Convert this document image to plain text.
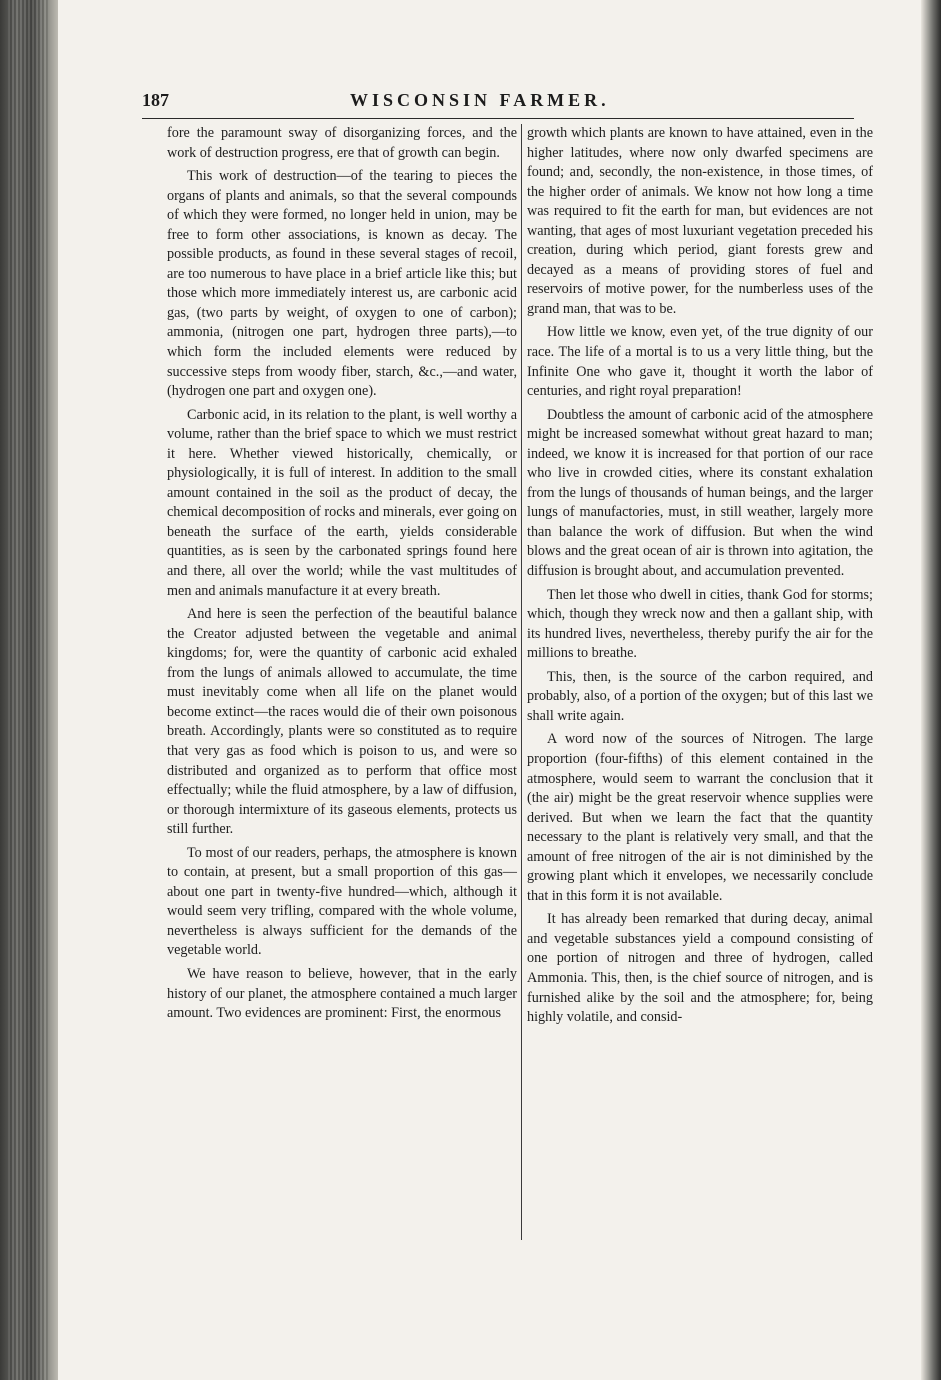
187	WISCONSIN FARMER.

fore the paramount sway of disorganizing forces, and the work of destruction progress, ere that of growth can begin.

This work of destruction—of the tearing to pieces the organs of plants and animals, so that the several compounds of which they were formed, no longer held in union, may be free to form other associations, is known as decay. The possible products, as found in these several stages of recoil, are too numerous to have place in a brief article like this; but those which more immediately interest us, are carbonic acid gas, (two parts by weight, of oxygen to one of carbon); ammonia, (nitrogen one part, hydrogen three parts),—to which form the included elements were reduced by successive steps from woody fiber, starch, &c.,—and water, (hydrogen one part and oxygen one).

Carbonic acid, in its relation to the plant, is well worthy a volume, rather than the brief space to which we must restrict it here. Whether viewed historically, chemically, or physiologically, it is full of interest. In addition to the small amount contained in the soil as the product of decay, the chemical decomposition of rocks and minerals, ever going on beneath the surface of the earth, yields considerable quantities, as is seen by the carbonated springs found here and there, all over the world; while the vast multitudes of men and animals manufacture it at every breath.

And here is seen the perfection of the beautiful balance the Creator adjusted between the vegetable and animal kingdoms; for, were the quantity of carbonic acid exhaled from the lungs of animals allowed to accumulate, the time must inevitably come when all life on the planet would become extinct—the races would die of their own poisonous breath. Accordingly, plants were so constituted as to require that very gas as food which is poison to us, and were so distributed and organized as to perform that office most effectually; while the fluid atmosphere, by a law of diffusion, or thorough intermixture of its gaseous elements, protects us still further.

To most of our readers, perhaps, the atmosphere is known to contain, at present, but a small proportion of this gas—about one part in twenty-five hundred—which, although it would seem very trifling, compared with the whole volume, nevertheless is always sufficient for the demands of the vegetable world.

We have reason to believe, however, that in the early history of our planet, the atmosphere contained a much larger amount. Two evidences are prominent: First, the enormous

growth which plants are known to have attained, even in the higher latitudes, where now only dwarfed specimens are found; and, secondly, the non-existence, in those times, of the higher order of animals. We know not how long a time was required to fit the earth for man, but evidences are not wanting, that ages of most luxuriant vegetation preceded his creation, during which period, giant forests grew and decayed as a means of providing stores of fuel and reservoirs of motive power, for the numberless uses of the grand man, that was to be.

How little we know, even yet, of the true dignity of our race. The life of a mortal is to us a very little thing, but the Infinite One who gave it, thought it worth the labor of centuries, and right royal preparation!

Doubtless the amount of carbonic acid of the atmosphere might be increased somewhat without great hazard to man; indeed, we know it is increased for that portion of our race who live in crowded cities, where its constant exhalation from the lungs of thousands of human beings, and the larger lungs of manufactories, must, in still weather, largely more than balance the work of diffusion. But when the wind blows and the great ocean of air is thrown into agitation, the diffusion is brought about, and accumulation prevented.

Then let those who dwell in cities, thank God for storms; which, though they wreck now and then a gallant ship, with its hundred lives, nevertheless, thereby purify the air for the millions to breathe.

This, then, is the source of the carbon required, and probably, also, of a portion of the oxygen; but of this last we shall write again.

A word now of the sources of Nitrogen. The large proportion (four-fifths) of this element contained in the atmosphere, would seem to warrant the conclusion that it (the air) might be the great reservoir whence supplies were derived. But when we learn the fact that the quantity necessary to the plant is relatively very small, and that the amount of free nitrogen of the air is not diminished by the growing plant which it envelopes, we necessarily conclude that in this form it is not available.

It has already been remarked that during decay, animal and vegetable substances yield a compound consisting of one portion of nitrogen and three of hydrogen, called Ammonia. This, then, is the chief source of nitrogen, and is furnished alike by the soil and the atmosphere; for, being highly volatile, and consid-
